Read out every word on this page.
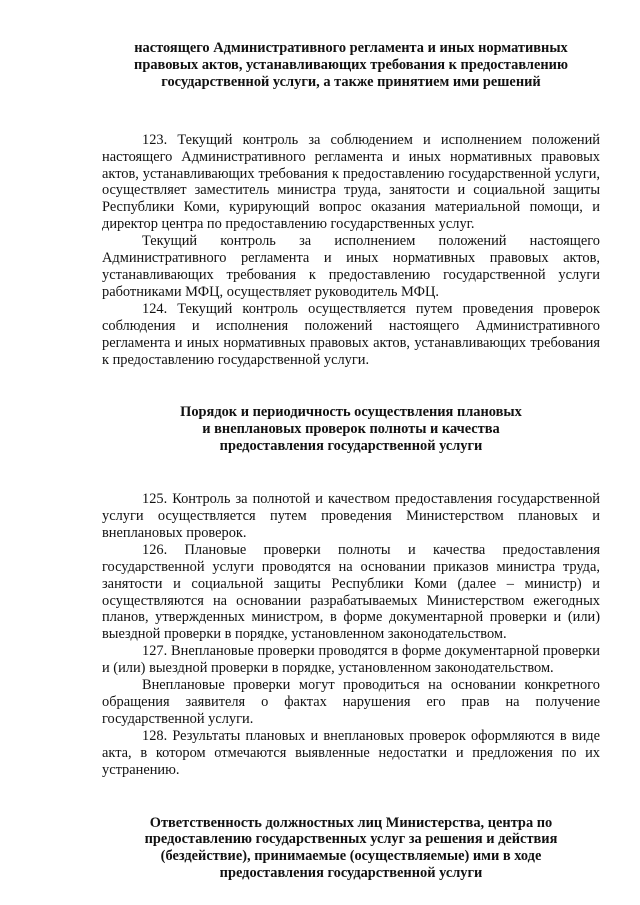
настоящего Административного регламента и иных нормативных
правовых актов, устанавливающих требования к предоставлению
государственной услуги, а также принятием ими решений

123. Текущий контроль за соблюдением и исполнением положений настоящего Административного регламента и иных нормативных правовых актов, устанавливающих требования к предоставлению государственной услуги, осуществляет заместитель министра труда, занятости и социальной защиты Республики Коми, курирующий вопрос оказания материальной помощи, и директор центра по предоставлению государственных услуг.

Текущий контроль за исполнением положений настоящего Административного регламента и иных нормативных правовых актов, устанавливающих требования к предоставлению государственной услуги работниками МФЦ, осуществляет руководитель МФЦ.

124. Текущий контроль осуществляется путем проведения проверок соблюдения и исполнения положений настоящего Административного регламента и иных нормативных правовых актов, устанавливающих требования к предоставлению государственной услуги.

Порядок и периодичность осуществления плановых
и внеплановых проверок полноты и качества
предоставления государственной услуги

125. Контроль за полнотой и качеством предоставления государственной услуги осуществляется путем проведения Министерством плановых и внеплановых проверок.

126. Плановые проверки полноты и качества предоставления государственной услуги проводятся на основании приказов министра труда, занятости и социальной защиты Республики Коми (далее – министр) и осуществляются на основании разрабатываемых Министерством ежегодных планов, утвержденных министром, в форме документарной проверки и (или) выездной проверки в порядке, установленном законодательством.

127. Внеплановые проверки проводятся в форме документарной проверки и (или) выездной проверки в порядке, установленном законодательством.

Внеплановые проверки могут проводиться на основании конкретного обращения заявителя о фактах нарушения его прав на получение государственной услуги.

128. Результаты плановых и внеплановых проверок оформляются в виде акта, в котором отмечаются выявленные недостатки и предложения по их устранению.

Ответственность должностных лиц Министерства, центра по
предоставлению государственных услуг за решения и действия
(бездействие), принимаемые (осуществляемые) ими в ходе
предоставления государственной услуги
